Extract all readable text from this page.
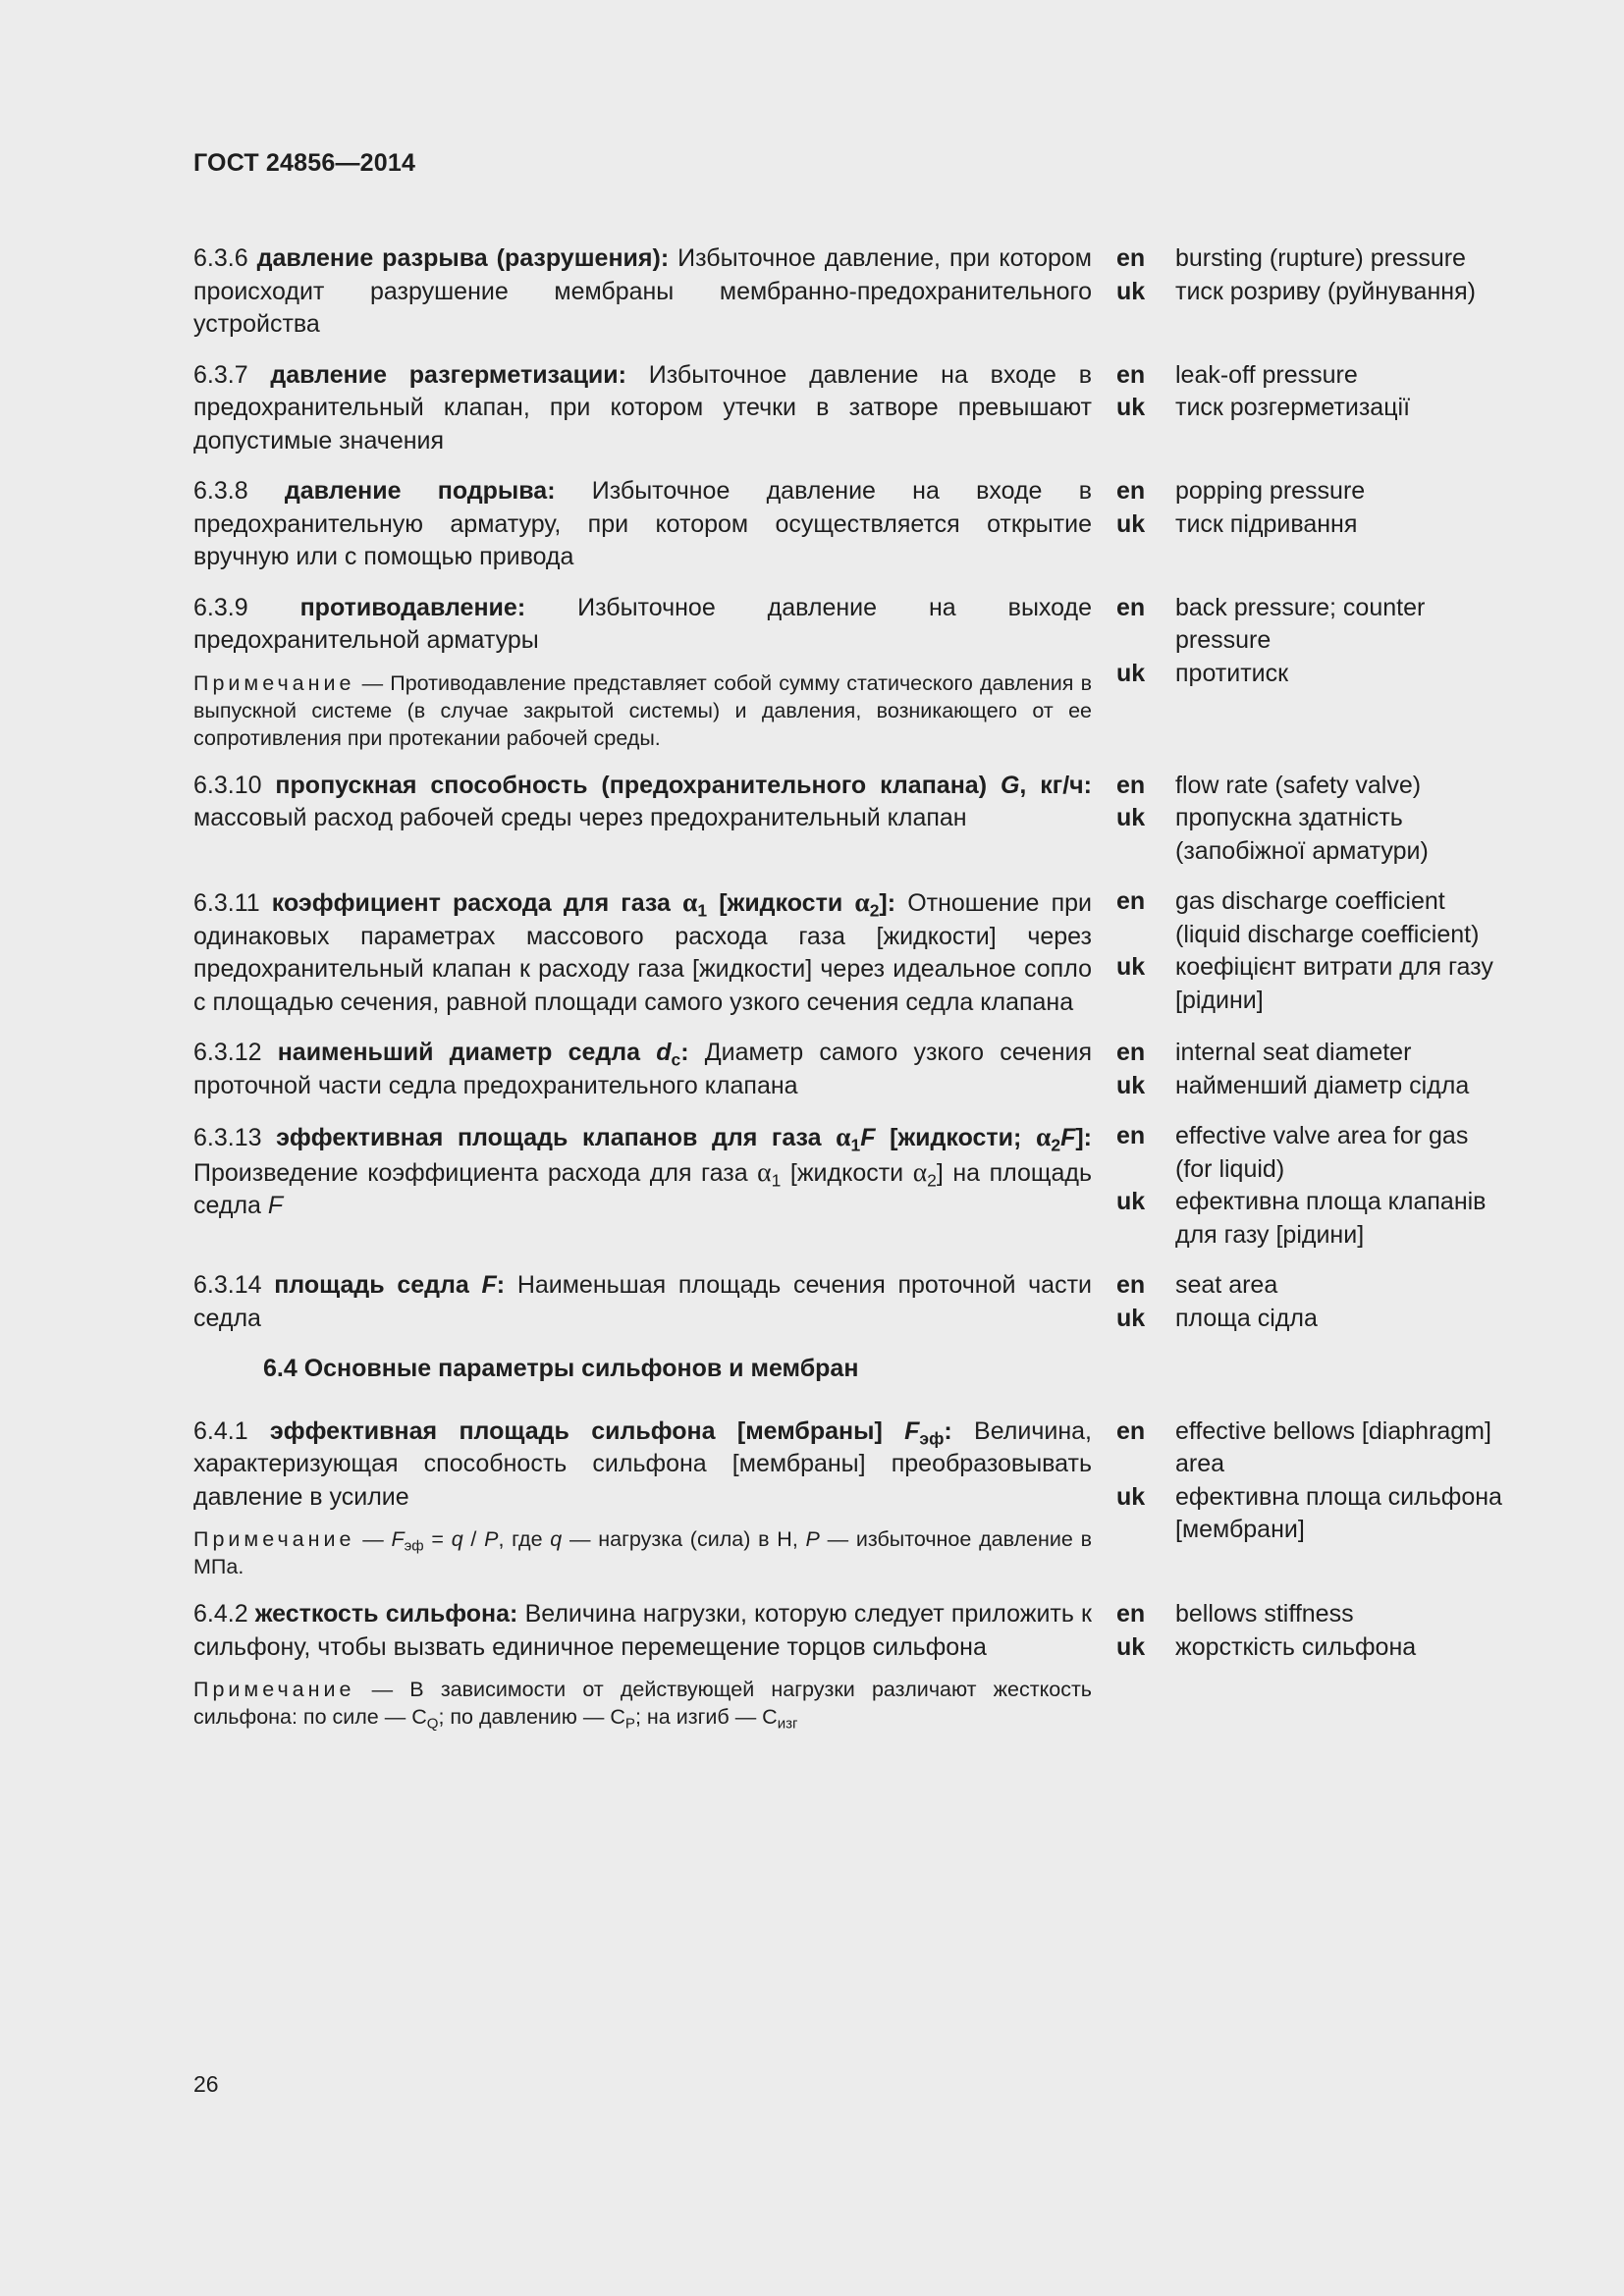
ГОСТ 24856—2014
6.3.6 давление разрыва (разрушения): Избыточное давление, при котором происходит разрушение мембраны мембранно-предохранительного устройства
en	bursting (rupture) pressure
uk	тиск розриву (руйнування)
6.3.7 давление разгерметизации: Избыточное давление на входе в предохранительный клапан, при котором утечки в затворе превышают допустимые значения
en	leak-off pressure
uk	тиск розгерметизації
6.3.8 давление подрыва: Избыточное давление на входе в предохранительную арматуру, при котором осуществляется открытие вручную или с помощью привода
en	popping pressure
uk	тиск підривання
6.3.9 противодавление: Избыточное давление на выходе предохранительной арматуры
Примечание — Противодавление представляет собой сумму статического давления в выпускной системе (в случае закрытой системы) и давления, возникающего от ее сопротивления при протекании рабочей среды.
en	back pressure; counter pressure
uk	протитиск
6.3.10 пропускная способность (предохранительного клапана) G, кг/ч: массовый расход рабочей среды через предохранительный клапан
en	flow rate (safety valve)
uk	пропускна здатність (запобіжної арматури)
6.3.11 коэффициент расхода для газа $\alpha_1$ [жидкости $\alpha_2$]: Отношение при одинаковых параметрах массового расхода газа [жидкости] через предохранительный клапан к расходу газа [жидкости] через идеальное сопло с площадью сечения, равной площади самого узкого сечения седла клапана
en	gas discharge coefficient (liquid discharge coefficient)
uk	коефіцієнт витрати для газу [рідини]
6.3.12 наименьший диаметр седла $d_c$: Диаметр самого узкого сечения проточной части седла предохранительного клапана
en	internal seat diameter
uk	найменший діаметр сідла
6.3.13 эффективная площадь клапанов для газа $\alpha_1F$ [жидкости; $\alpha_2F$]: Произведение коэффициента расхода для газа $\alpha_1$ [жидкости $\alpha_2$] на площадь седла F
en	effective valve area for gas (for liquid)
uk	ефективна площа клапанів для газу [рідини]
6.3.14 площадь седла F: Наименьшая площадь сечения проточной части седла
en	seat area
uk	площа сідла
6.4 Основные параметры сильфонов и мембран
6.4.1 эффективная площадь сильфона [мембраны] $F_{эф}$: Величина, характеризующая способность сильфона [мембраны] преобразовывать давление в усилие
Примечание — $F_{эф} = q / P$, где q — нагрузка (сила) в Н, P — избыточное давление в МПа.
en	effective bellows [diaphragm] area
uk	ефективна площа сильфона [мембрани]
6.4.2 жесткость сильфона: Величина нагрузки, которую следует приложить к сильфону, чтобы вызвать единичное перемещение торцов сильфона
Примечание — В зависимости от действующей нагрузки различают жесткость сильфона: по силе — $C_Q$; по давлению — $C_P$; на изгиб — $C_{изг}$
en	bellows stiffness
uk	жорсткість сильфона
26
